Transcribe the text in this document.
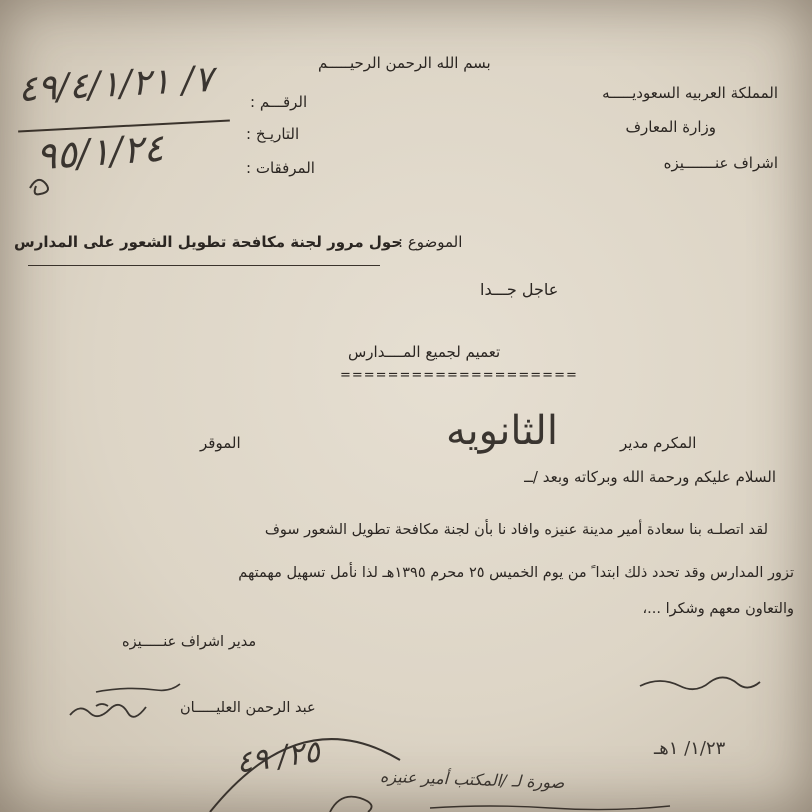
بسم الله الرحمن الرحيـــــم
المملكة العربيه السعوديـــــه
وزارة المعارف
اشراف عنـــــــيزه
الرقـــم :
التاريـخ :
المرفقات :
٧/ ٤٩/٤/١/٢١
٩٥/١/٢٤
الموضوع :
حول مرور لجنة مكافحة تطويل الشعور على المدارس
عاجل جـــدا
تعميم لجميع المــــدارس
====================
المكرم مدير
الثانويه
الموقر
السلام عليكم ورحمة الله وبركاته وبعد /ــ
لقد اتصلـه بنا سعادة أمير مدينة عنيزه وافاد نا بأن لجنة مكافحة تطويل الشعور سوف
تزور المدارس وقد تحدد ذلك ابتدا ً من يوم الخميس ٢٥ محرم ١٣٩٥هـ لذا نأمل تسهيل مهمتهم
والتعاون معهم وشكرا ...،
مدير اشراف عنـــــيزه
عبد الرحمن العليـــــان
١/٢٣/ ١هـ
صورة لـ /المكتب أمير عنيزه
٢٥/ ٤٩
